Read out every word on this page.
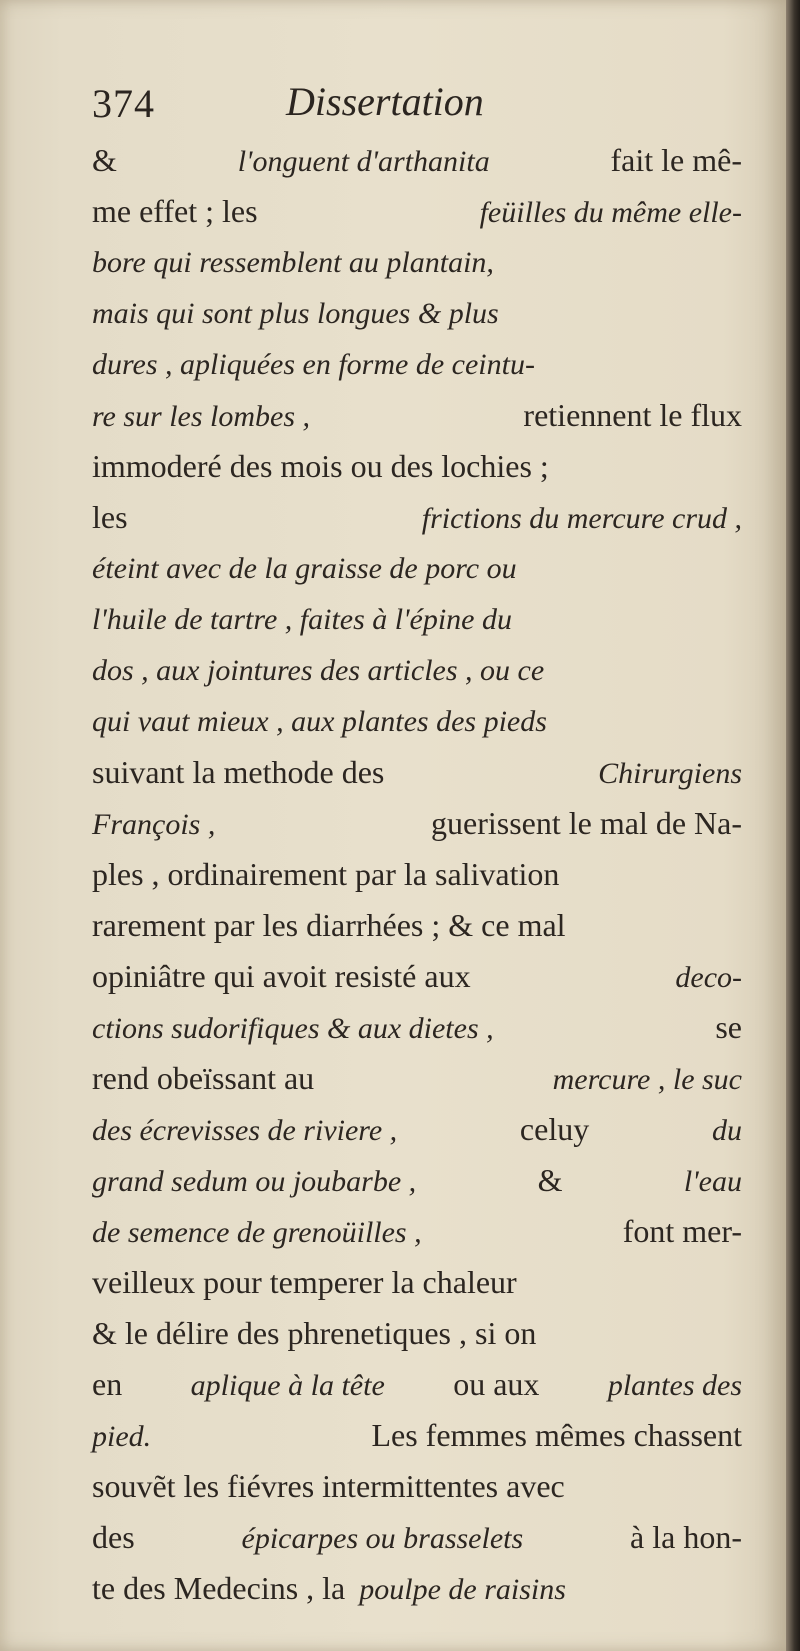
374	Dissertation
&	l'onguent d'arthanita	fait le mê-
me effet ; les	feüilles du même elle-
bore qui ressemblent au plantain,
mais qui sont plus longues & plus
dures , apliquées en forme de ceintu-
re sur les lombes ,	retiennent le flux
immoderé des mois ou des lochies ;
les	frictions du mercure crud ,
éteint avec de la graisse de porc ou
l'huile de tartre , faites à l'épine du
dos , aux jointures des articles , ou ce
qui vaut mieux , aux plantes des pieds
suivant la methode des	Chirurgiens
François ,	guerissent le mal de Na-
ples , ordinairement par la salivation
rarement par les diarrhées ; & ce mal
opiniâtre qui avoit resisté aux	deco-
ctions sudorifiques & aux dietes ,	se
rend obeïssant au	mercure , le suc
des écrevisses de riviere ,	celuy	du
grand sedum ou joubarbe ,	&	l'eau
de semence de grenoüilles ,	font mer-
veilleux pour temperer la chaleur
& le délire des phrenetiques , si on
en aplique à la tête ou aux plantes des
pied.	Les femmes mêmes chassent
souvẽt les fiévres intermittentes avec
des	épicarpes ou brasselets	à la hon-
te des Medecins , la poulpe de raisins
